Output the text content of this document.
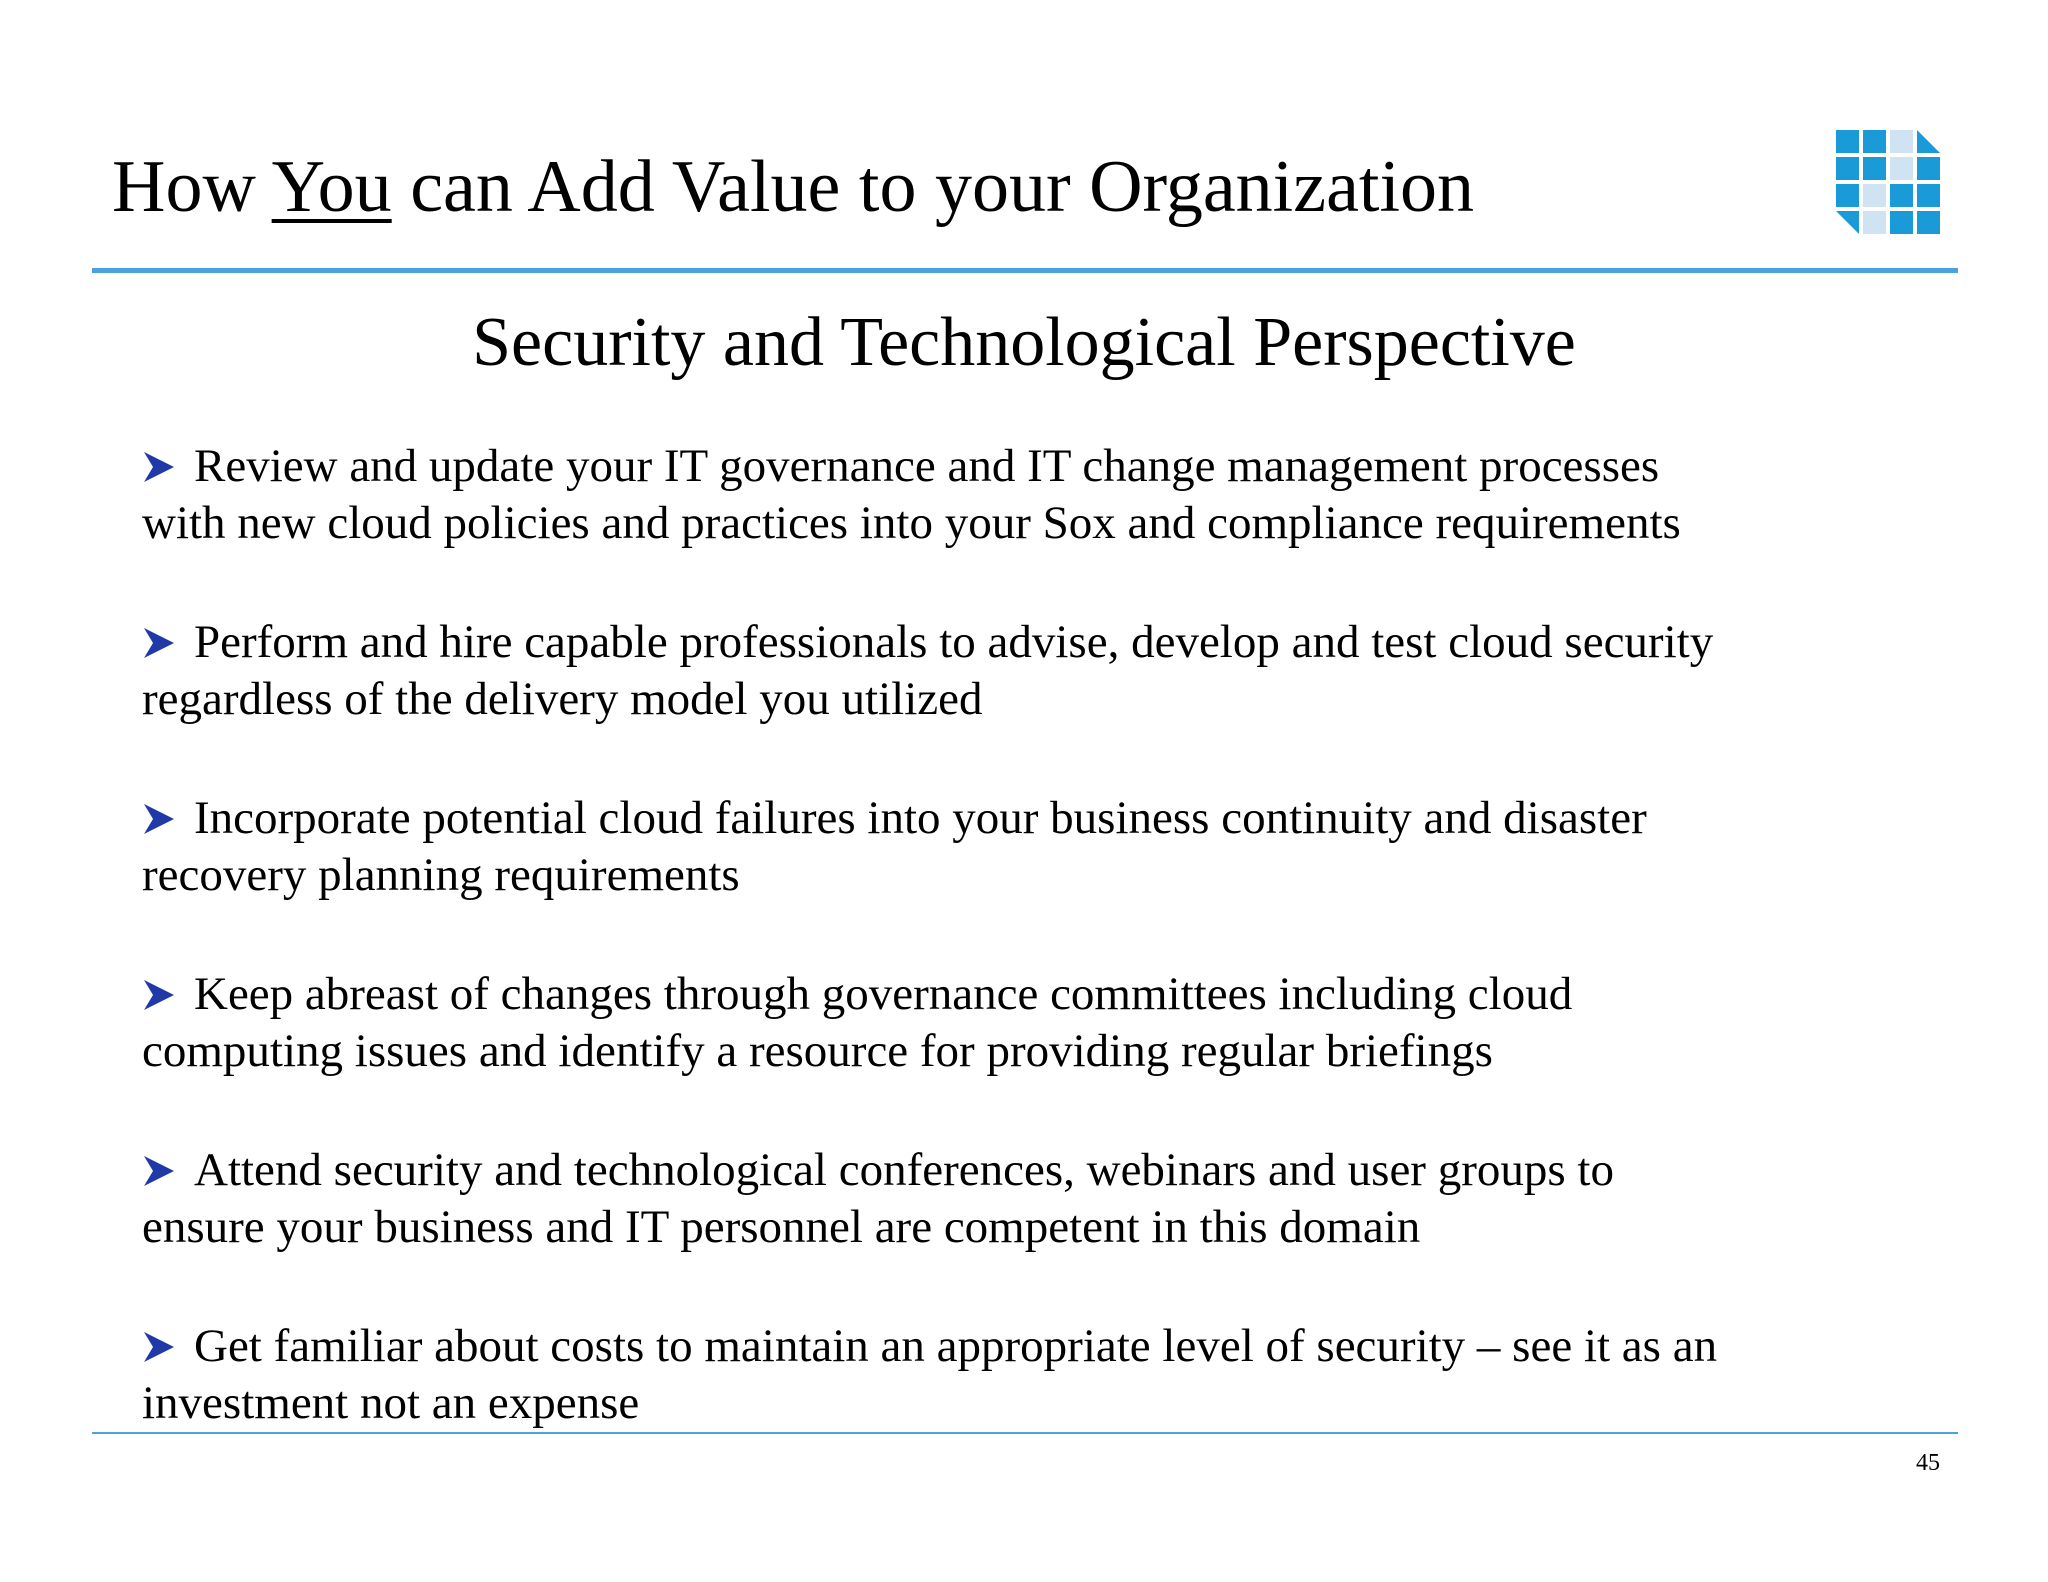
How You can Add Value to your Organization
Security and Technological Perspective
Review and update your IT governance and IT change management processes
with new cloud policies and practices into your Sox and compliance requirements
Perform and hire capable professionals to advise, develop and test cloud security
regardless of the delivery model you utilized
Incorporate potential cloud failures into your business continuity and disaster
recovery planning requirements
Keep abreast of changes through governance committees including cloud
computing issues and identify a resource for providing regular briefings
Attend security and technological conferences, webinars and user groups to
ensure your business and IT personnel are competent in this domain
Get familiar about costs to maintain an appropriate level of security – see it as an
investment not an expense
45
